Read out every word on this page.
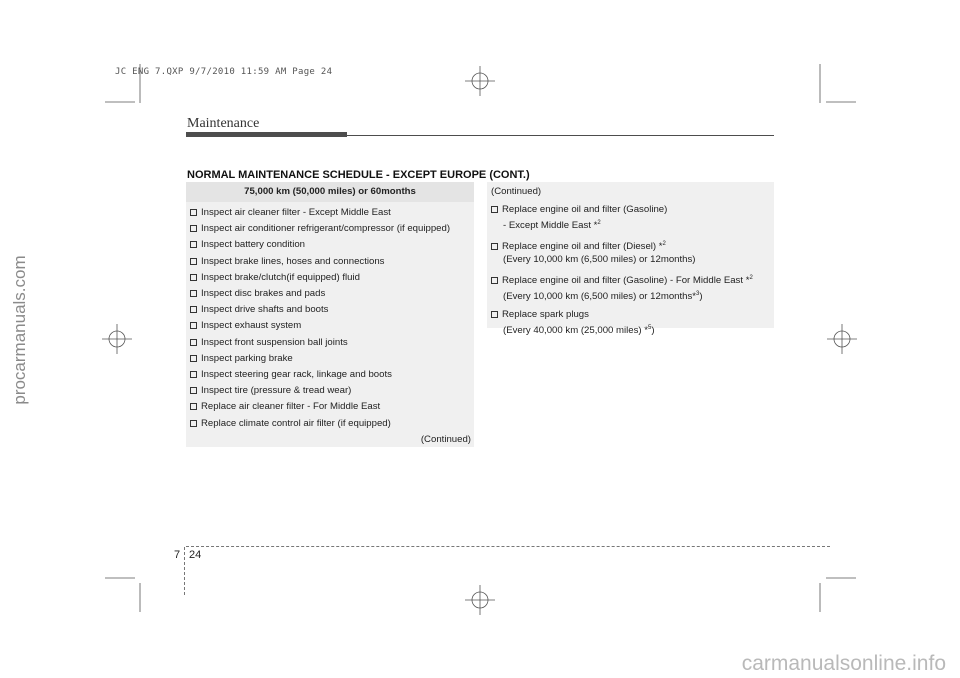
JC ENG 7.QXP 9/7/2010 11:59 AM Page 24
procarmanuals.com
carmanualsonline.info
Maintenance
NORMAL MAINTENANCE SCHEDULE - EXCEPT EUROPE (CONT.)
75,000 km (50,000 miles) or 60months
Inspect air cleaner filter - Except Middle East
Inspect air conditioner refrigerant/compressor (if equipped)
Inspect battery condition
Inspect brake lines, hoses and connections
Inspect brake/clutch(if equipped) fluid
Inspect disc brakes and pads
Inspect drive shafts and boots
Inspect exhaust system
Inspect front suspension ball joints
Inspect parking brake
Inspect steering gear rack, linkage and boots
Inspect tire (pressure & tread wear)
Replace air cleaner filter - For Middle East
Replace climate control air filter (if equipped)
(Continued)
(Continued)
Replace engine oil and filter (Gasoline)
- Except Middle East *$^2$
Replace engine oil and filter (Diesel) *$^2$
(Every 10,000 km (6,500 miles) or 12months)
Replace engine oil and filter (Gasoline) - For Middle East *$^2$
(Every 10,000 km (6,500 miles) or 12months*$^3$)
Replace spark plugs
(Every 40,000 km (25,000 miles) *$^5$)
7 24
